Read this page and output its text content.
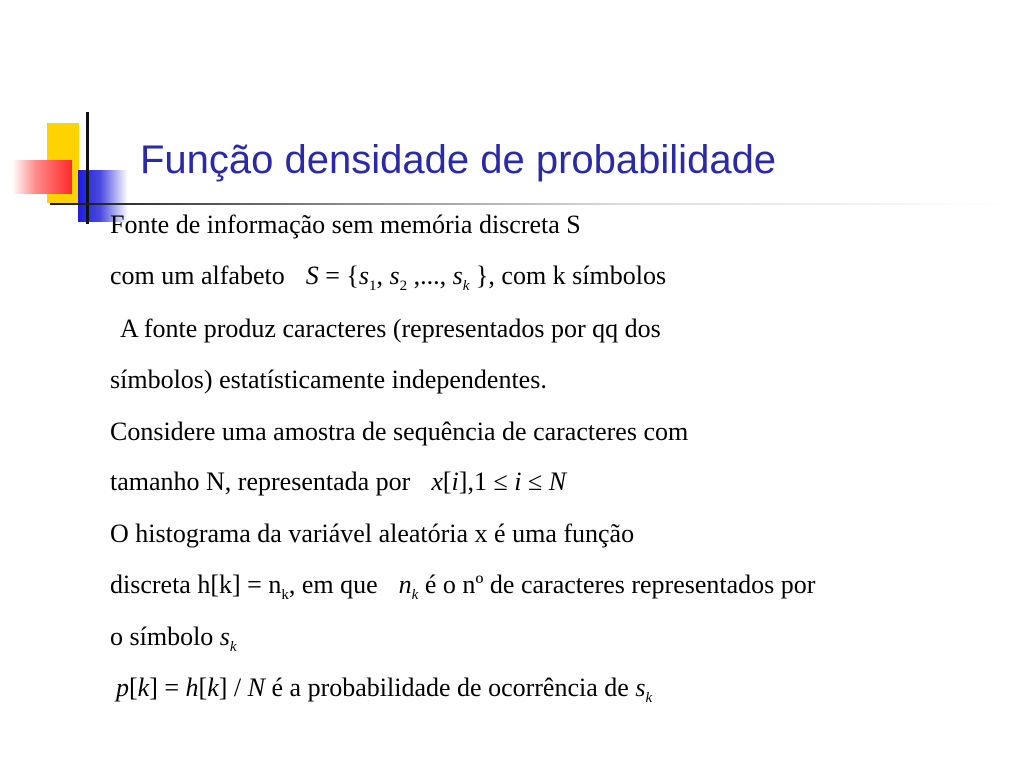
Função densidade de probabilidade

Fonte de informação sem memória discreta S

com um alfabeto $S = \{s_1$, $s_2$ ,..., $s_k$ }, com k símbolos

A fonte produz caracteres (representados por qq dos

símbolos) estatísticamente independentes.

Considere uma amostra de sequência de caracteres com

tamanho N, representada por x[i],1 ≤ i ≤ N

O histograma da variável aleatória x é uma função

discreta $h[k] = n_k$, em que $n_k$ é o nº de caracteres representados por

o símbolo $s_k$

p[k] = h[k] / N é a probabilidade de ocorrência de $s_k$
